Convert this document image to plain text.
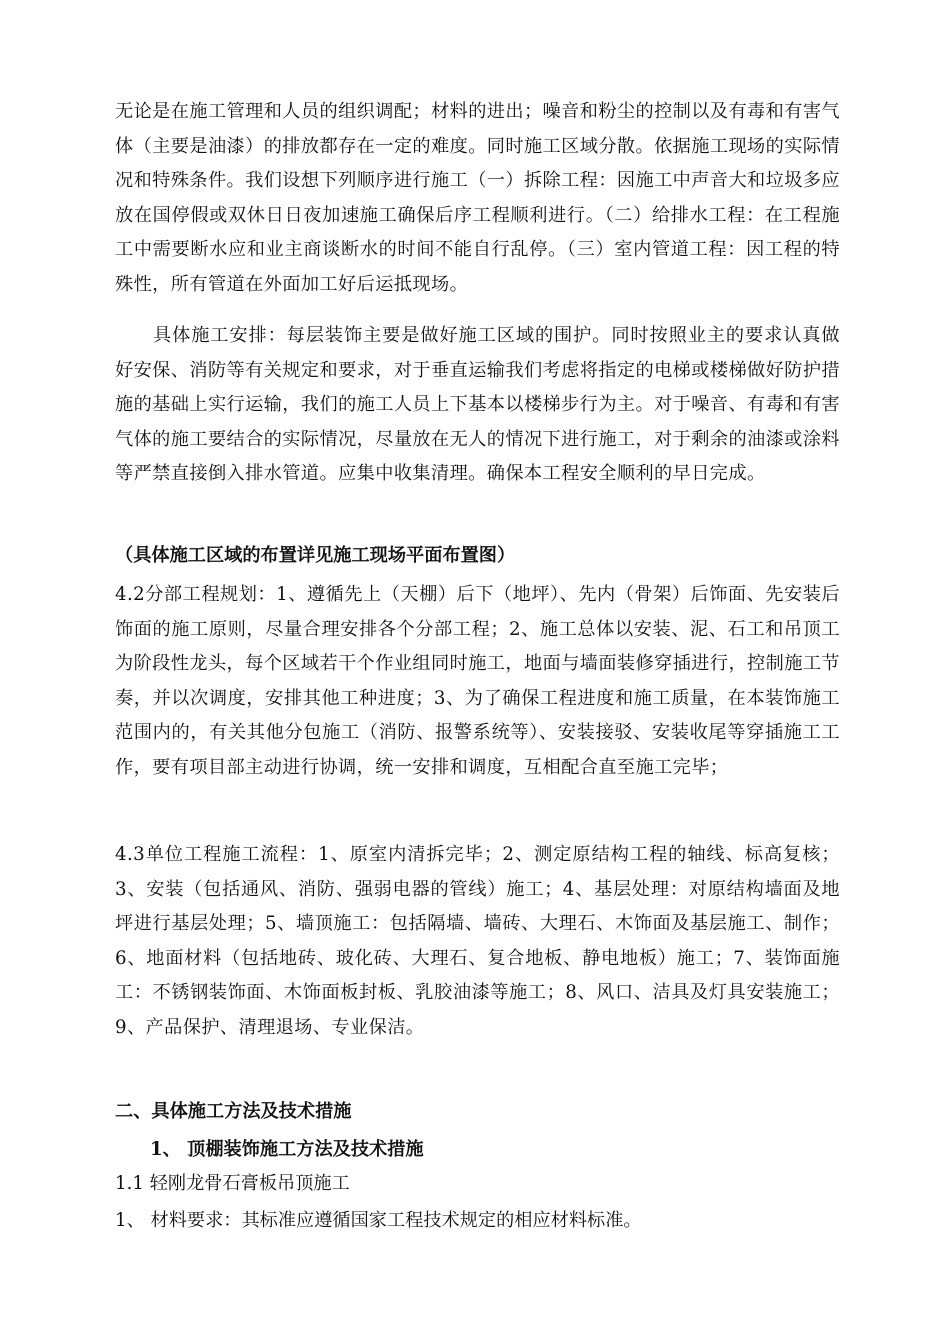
无论是在施工管理和人员的组织调配；材料的进出；噪音和粉尘的控制以及有毒和有害气体（主要是油漆）的排放都存在一定的难度。同时施工区域分散。依据施工现场的实际情况和特殊条件。我们设想下列顺序进行施工（一）拆除工程：因施工中声音大和垃圾多应放在国停假或双休日日夜加速施工确保后序工程顺利进行。（二）给排水工程：在工程施工中需要断水应和业主商谈断水的时间不能自行乱停。（三）室内管道工程：因工程的特殊性，所有管道在外面加工好后运抵现场。

具体施工安排：每层装饰主要是做好施工区域的围护。同时按照业主的要求认真做好安保、消防等有关规定和要求，对于垂直运输我们考虑将指定的电梯或楼梯做好防护措施的基础上实行运输，我们的施工人员上下基本以楼梯步行为主。对于噪音、有毒和有害气体的施工要结合的实际情况，尽量放在无人的情况下进行施工，对于剩余的油漆或涂料等严禁直接倒入排水管道。应集中收集清理。确保本工程安全顺利的早日完成。

（具体施工区域的布置详见施工现场平面布置图）

4.2分部工程规划：1、遵循先上（天棚）后下（地坪）、先内（骨架）后饰面、先安装后饰面的施工原则，尽量合理安排各个分部工程；2、施工总体以安装、泥、石工和吊顶工为阶段性龙头，每个区域若干个作业组同时施工，地面与墙面装修穿插进行，控制施工节奏，并以次调度，安排其他工种进度；3、为了确保工程进度和施工质量，在本装饰施工范围内的，有关其他分包施工（消防、报警系统等）、安装接驳、安装收尾等穿插施工工作，要有项目部主动进行协调，统一安排和调度，互相配合直至施工完毕；

4.3单位工程施工流程：1、原室内清拆完毕；2、测定原结构工程的轴线、标高复核；3、安装（包括通风、消防、强弱电器的管线）施工；4、基层处理：对原结构墙面及地坪进行基层处理；5、墙顶施工：包括隔墙、墙砖、大理石、木饰面及基层施工、制作；6、地面材料（包括地砖、玻化砖、大理石、复合地板、静电地板）施工；7、装饰面施工：不锈钢装饰面、木饰面板封板、乳胶油漆等施工；8、风口、洁具及灯具安装施工；9、产品保护、清理退场、专业保洁。

二、具体施工方法及技术措施

1、 顶棚装饰施工方法及技术措施

1.1 轻刚龙骨石膏板吊顶施工

1、 材料要求：其标准应遵循国家工程技术规定的相应材料标准。
